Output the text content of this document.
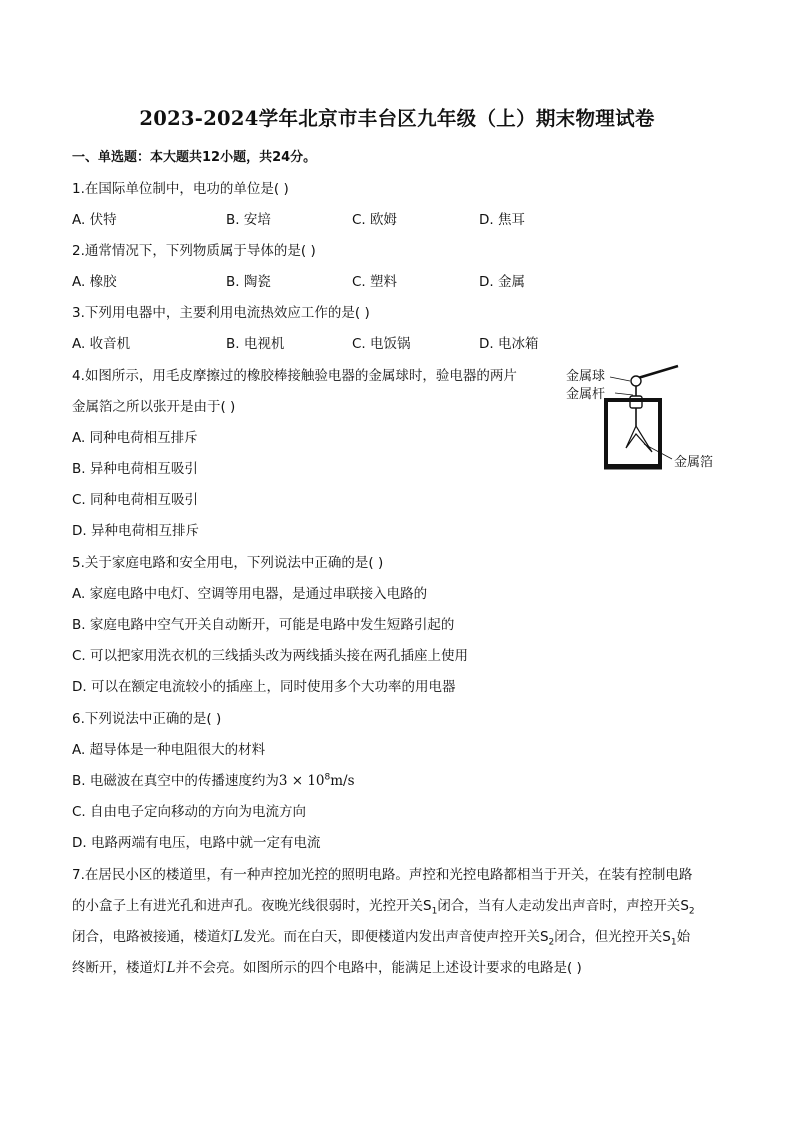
2023-2024学年北京市丰台区九年级（上）期末物理试卷
一、单选题：本大题共12小题，共24分。
1.在国际单位制中，电功的单位是( )
A. 伏特	B. 安培	C. 欧姆	D. 焦耳
2.通常情况下，下列物质属于导体的是( )
A. 橡胶	B. 陶瓷	C. 塑料	D. 金属
3.下列用电器中，主要利用电流热效应工作的是( )
A. 收音机	B. 电视机	C. 电饭锅	D. 电冰箱
4.如图所示，用毛皮摩擦过的橡胶棒接触验电器的金属球时，验电器的两片
金属箔之所以张开是由于( )
A. 同种电荷相互排斥
B. 异种电荷相互吸引
C. 同种电荷相互吸引
D. 异种电荷相互排斥
金属球
金属杆
金属箔
5.关于家庭电路和安全用电，下列说法中正确的是( )
A. 家庭电路中电灯、空调等用电器，是通过串联接入电路的
B. 家庭电路中空气开关自动断开，可能是电路中发生短路引起的
C. 可以把家用洗衣机的三线插头改为两线插头接在两孔插座上使用
D. 可以在额定电流较小的插座上，同时使用多个大功率的用电器
6.下列说法中正确的是( )
A. 超导体是一种电阻很大的材料
B. 电磁波在真空中的传播速度约为$3 \times 10^8m/s$
C. 自由电子定向移动的方向为电流方向
D. 电路两端有电压，电路中就一定有电流
7.在居民小区的楼道里，有一种声控加光控的照明电路。声控和光控电路都相当于开关，在装有控制电路
的小盒子上有进光孔和进声孔。夜晚光线很弱时，光控开关$S_1$闭合，当有人走动发出声音时，声控开关$S_2$
闭合，电路被接通，楼道灯L发光。而在白天，即便楼道内发出声音使声控开关$S_2$闭合，但光控开关$S_1$始
终断开，楼道灯L并不会亮。如图所示的四个电路中，能满足上述设计要求的电路是( )
